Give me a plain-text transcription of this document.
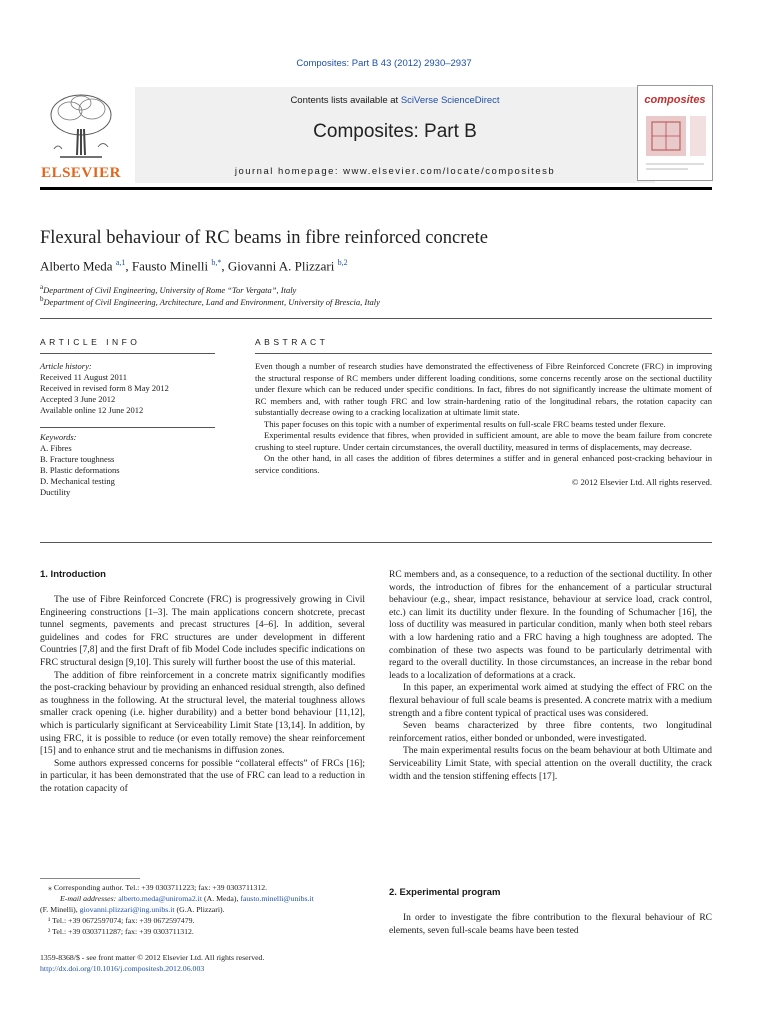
Composites: Part B 43 (2012) 2930–2937
ELSEVIER
Contents lists available at SciVerse ScienceDirect
Composites: Part B
journal homepage: www.elsevier.com/locate/compositesb
composites
Flexural behaviour of RC beams in fibre reinforced concrete
Alberto Meda $^{a,1}$, Fausto Minelli $^{b,*}$, Giovanni A. Plizzari $^{b,2}$
$^a$Department of Civil Engineering, University of Rome “Tor Vergata”, Italy
$^b$Department of Civil Engineering, Architecture, Land and Environment, University of Brescia, Italy
ARTICLE INFO
Article history:
Received 11 August 2011
Received in revised form 8 May 2012
Accepted 3 June 2012
Available online 12 June 2012
Keywords:
A. Fibres
B. Fracture toughness
B. Plastic deformations
D. Mechanical testing
Ductility
ABSTRACT

Even though a number of research studies have demonstrated the effectiveness of Fibre Reinforced Concrete (FRC) in improving the structural response of RC members under different loading conditions, some concerns recently arose on the sectional ductility under flexure which can be reduced under specific conditions. In fact, fibres do not significantly increase the ultimate moment of RC members and, with rather tough FRC and low strain-hardening ratio of the longitudinal rebars, the rotation capacity can substantially decrease owing to a cracking localization at ultimate limit state.

This paper focuses on this topic with a number of experimental results on full-scale FRC beams tested under flexure.

Experimental results evidence that fibres, when provided in sufficient amount, are able to move the beam failure from concrete crushing to steel rupture. Under certain circumstances, the overall ductility, measured in terms of displacements, may decrease.

On the other hand, in all cases the addition of fibres determines a stiffer and in general enhanced post-cracking behaviour in service conditions.

© 2012 Elsevier Ltd. All rights reserved.
1. Introduction

The use of Fibre Reinforced Concrete (FRC) is progressively growing in Civil Engineering constructions [1–3]. The main applications concern shotcrete, precast tunnel segments, pavements and precast structures [4–6]. In addition, several guidelines and codes for FRC structures are under development in different Countries [7,8] and the first Draft of fib Model Code includes specific indications on FRC structural design [9,10]. This surely will further boost the use of this material.

The addition of fibre reinforcement in a concrete matrix significantly modifies the post-cracking behaviour by providing an enhanced residual strength, also defined as toughness in the following. At the structural level, the material toughness allows smaller crack opening (i.e. higher durability) and a better bond behaviour [11,12], which is particularly significant at Serviceability Limit State [13,14]. In addition, by using FRC, it is possible to reduce (or even totally remove) the shear reinforcement [15] and to enhance strut and tie mechanisms in diffusion zones.

Some authors expressed concerns for possible “collateral effects” of FRCs [16]; in particular, it has been demonstrated that the use of FRC can lead to a reduction in the rotation capacity of

⁎ Corresponding author. Tel.: +39 0303711223; fax: +39 0303711312.

E-mail addresses: alberto.meda@uniroma2.it (A. Meda), fausto.minelli@unibs.it

(F. Minelli), giovanni.plizzari@ing.unibs.it (G.A. Plizzari).

¹ Tel.: +39 0672597074; fax: +39 0672597479.

² Tel.: +39 0303711287; fax: +39 0303711312.

1359-8368/$ - see front matter © 2012 Elsevier Ltd. All rights reserved.
http://dx.doi.org/10.1016/j.compositesb.2012.06.003

RC members and, as a consequence, to a reduction of the sectional ductility. In other words, the introduction of fibres for the enhancement of a particular structural behaviour (e.g., shear, impact resistance, behaviour at service load, crack control, etc.) can limit its ductility under flexure. In the founding of Schumacher [16], the loss of ductility was measured in particular condition, manly when both steel rebars with a low hardening ratio and a FRC having a high toughness are adopted. The combination of these two aspects was found to be particularly detrimental with regard to the overall ductility. In those circumstances, an increase in the rebar bond leads to a localization of deformations at a crack.

In this paper, an experimental work aimed at studying the effect of FRC on the flexural behaviour of full scale beams is presented. A concrete matrix with a medium strength and a fibre content typical of practical uses was considered.

Seven beams characterized by three fibre contents, two longitudinal reinforcement ratios, either bonded or unbonded, were investigated.

The main experimental results focus on the beam behaviour at both Ultimate and Serviceability Limit State, with special attention on the overall ductility, the crack width and the tension stiffening effects [17].

2. Experimental program

In order to investigate the fibre contribution to the flexural behaviour of RC elements, seven full-scale beams have been tested
